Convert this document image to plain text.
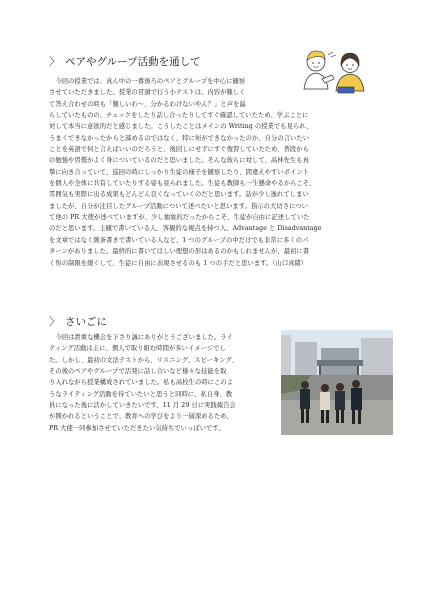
〉 ペアやグループ活動を通して

　今回の授業では、真ん中の一番後ろのペアとグループを中心に観察
させていただきました。授業の冒頭で行う小テストは、内容が難しく
て答え合わせの時も「難しいわ〜、分かるわけないやん？」と声を漏
らしていたものの、チェックをしたり話し合ったりしてすぐ確認していたため、学ぶことに
対して本当に意欲的だと感じました。こうしたことはメインの Writing の授業でも見られ、
うまくできなかったからと諦めるのではなく、特に何ができなかったのか、自分の言いたい
ことを英語で何と言えばいいのだろうと、後回しにせずにすぐ復習していたため、普段から
の勉強や習慣がよく身についているのだと思いました。そんな彼らに対して、高林先生も真
摯に向き合っていて、巡回の時にしっかり生徒の様子を観察したり、間違えやすいポイント
を個人や全体に共有していたりする姿も見られました。生徒も教師も一生懸命やるからこそ、
雰囲気も実際に出る成果もどんどん良くなっていくのだと思います。話が少し逸れてしまい
ましたが、自分が注目したグループ活動について述べたいと思います。指示の大切さについ
て他の PR 大使が述べていますが、少し抽象的だったからこそ、生徒が自由に記述していた
のだと思います。主観で書いている人、客観的な視点を持つ人、Advantage と Disadvantage
を文章ではなく箇条書きで書いている人など、1 つのグループの中だけでも非常に多くのパ
ターンがありました。最終的に書いてほしい理想の形はあるのかもしれませんが、最初に書
く形の制限を緩くして、生徒に自由に表現させるのも 1 つの手だと思います。（山口真緒）

〉 さいごに

　今回は貴重な機会を下さり誠にありがとうございました。ライ
ティング活動は主に、個人で取り組む時間が多いイメージでし
た。しかし、最初の文法テストから、リスニング、スピーキング、
その後のペアやグループで活発に話し合いなど様々な技能を取
り入れながら授業構成されていました。私も高校生の時にこのよ
うなライティング活動を待ていたいと思うと同時に、私自身、教
員になった後に活かしていきたいです。11 月 29 日に実践報告会
が開かれるということで、教育への学びをより一層深めるため、
PR 大使一同参加させていただきたい気持ちでいっぱいです。
